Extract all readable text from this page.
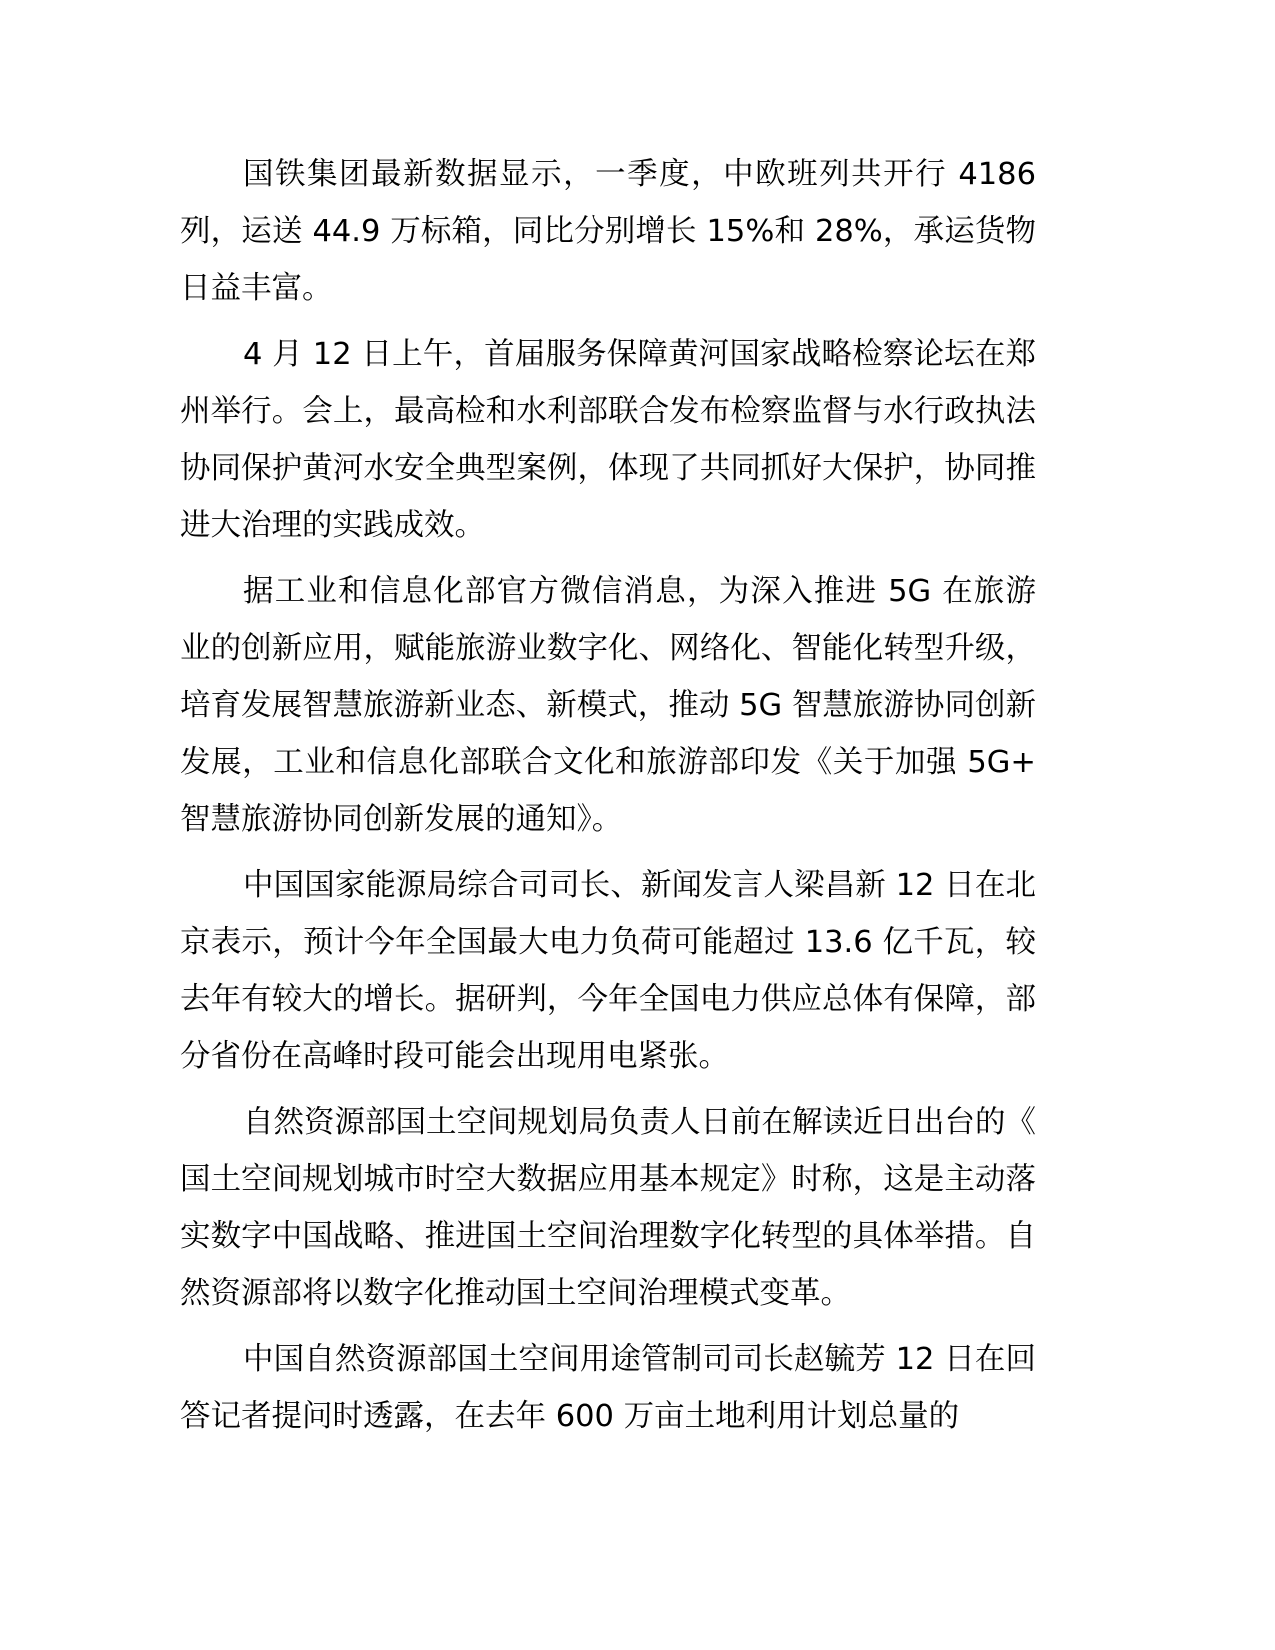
国铁集团最新数据显示，一季度，中欧班列共开行 4186 列，运送 44.9 万标箱，同比分别增长 15%和 28%，承运货物日益丰富。

4 月 12 日上午，首届服务保障黄河国家战略检察论坛在郑州举行。会上，最高检和水利部联合发布检察监督与水行政执法协同保护黄河水安全典型案例，体现了共同抓好大保护，协同推进大治理的实践成效。

据工业和信息化部官方微信消息，为深入推进 5G 在旅游业的创新应用，赋能旅游业数字化、网络化、智能化转型升级，培育发展智慧旅游新业态、新模式，推动 5G 智慧旅游协同创新发展，工业和信息化部联合文化和旅游部印发《关于加强 5G+智慧旅游协同创新发展的通知》。

中国国家能源局综合司司长、新闻发言人梁昌新 12 日在北京表示，预计今年全国最大电力负荷可能超过 13.6 亿千瓦，较去年有较大的增长。据研判，今年全国电力供应总体有保障，部分省份在高峰时段可能会出现用电紧张。

自然资源部国土空间规划局负责人日前在解读近日出台的《国土空间规划城市时空大数据应用基本规定》时称，这是主动落实数字中国战略、推进国土空间治理数字化转型的具体举措。自然资源部将以数字化推动国土空间治理模式变革。

中国自然资源部国土空间用途管制司司长赵毓芳 12 日在回答记者提问时透露，在去年 600 万亩土地利用计划总量的
